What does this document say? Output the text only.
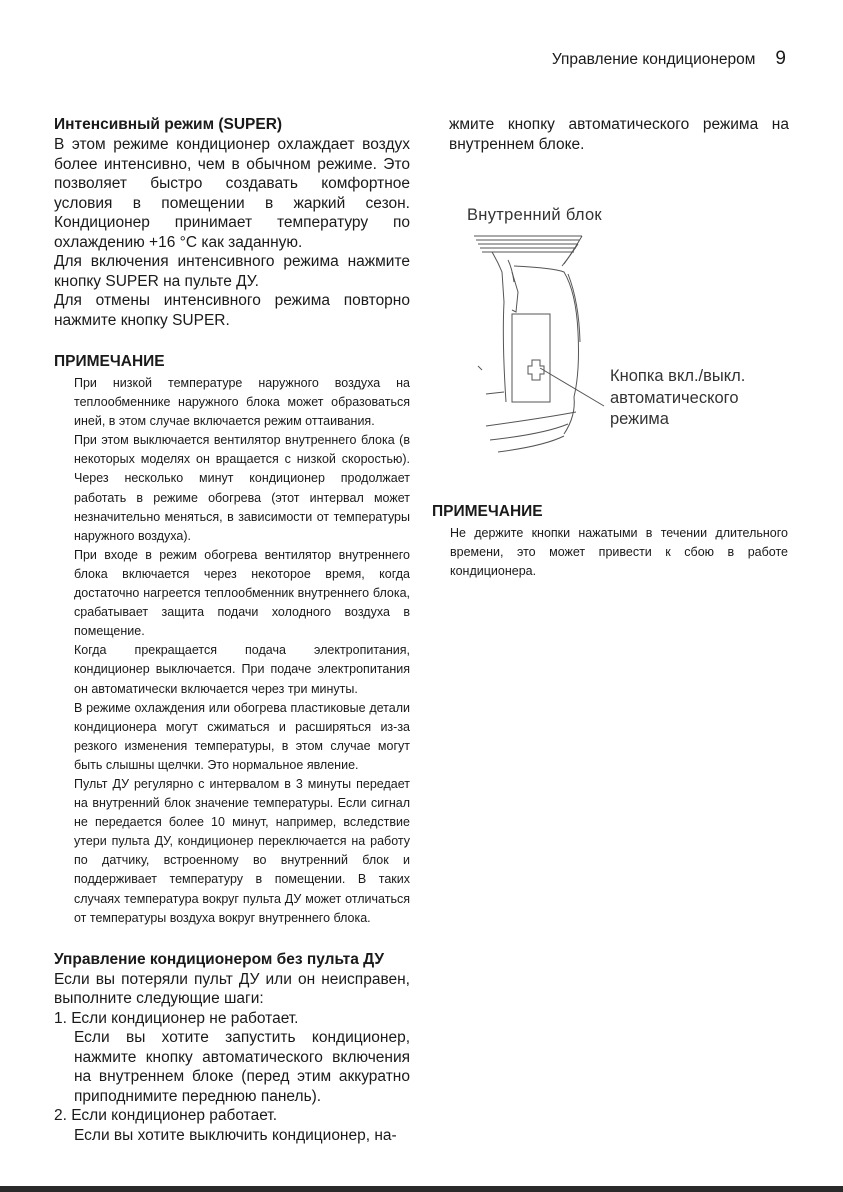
Управление кондиционером 9
Интенсивный режим (SUPER)

В этом режиме кондиционер охлаждает воздух более интенсивно, чем в обычном режиме. Это позволяет быстро создавать комфортное условия в помещении в жаркий сезон. Кондиционер принимает температуру по охлаждению +16 °С как заданную.

Для включения интенсивного режима нажмите кнопку SUPER на пульте ДУ.

Для отмены интенсивного режима повторно нажмите кнопку SUPER.

ПРИМЕЧАНИЕ

При низкой температуре наружного воздуха на теплообменнике наружного блока может образоваться иней, в этом случае включается режим оттаивания.

При этом выключается вентилятор внутреннего блока (в некоторых моделях он вращается с низкой скоростью). Через несколько минут кондиционер продолжает работать в режиме обогрева (этот интервал может незначительно меняться, в зависимости от температуры наружного воздуха).

При входе в режим обогрева вентилятор внутреннего блока включается через некоторое время, когда достаточно нагреется теплообменник внутреннего блока, срабатывает защита подачи холодного воздуха в помещение.

Когда прекращается подача электропитания, кондиционер выключается. При подаче электропитания он автоматически включается через три минуты.

В режиме охлаждения или обогрева пластиковые детали кондиционера могут сжиматься и расширяться из-за резкого изменения температуры, в этом случае могут быть слышны щелчки. Это нормальное явление.

Пульт ДУ регулярно с интервалом в 3 минуты передает на внутренний блок значение температуры. Если сигнал не передается более 10 минут, например, вследствие утери пульта ДУ, кондиционер переключается на работу по датчику, встроенному во внутренний блок и поддерживает температуру в помещении. В таких случаях температура вокруг пульта ДУ может отличаться от температуры воздуха вокруг внутреннего блока.

Управление кондиционером без пульта ДУ

Если вы потеряли пульт ДУ или он неисправен, выполните следующие шаги:

1. Если кондиционер не работает.

Если вы хотите запустить кондиционер, нажмите кнопку автоматического включения на внутреннем блоке (перед этим аккуратно приподнимите переднюю панель).

2. Если кондиционер работает.

Если вы хотите выключить кондиционер, на-

жмите кнопку автоматического режима на внутреннем блоке.

Внутренний блок
Кнопка вкл./выкл.
автоматического
режима
ПРИМЕЧАНИЕ

Не держите кнопки нажатыми в течении длительного времени, это может привести к сбою в работе кондиционера.
